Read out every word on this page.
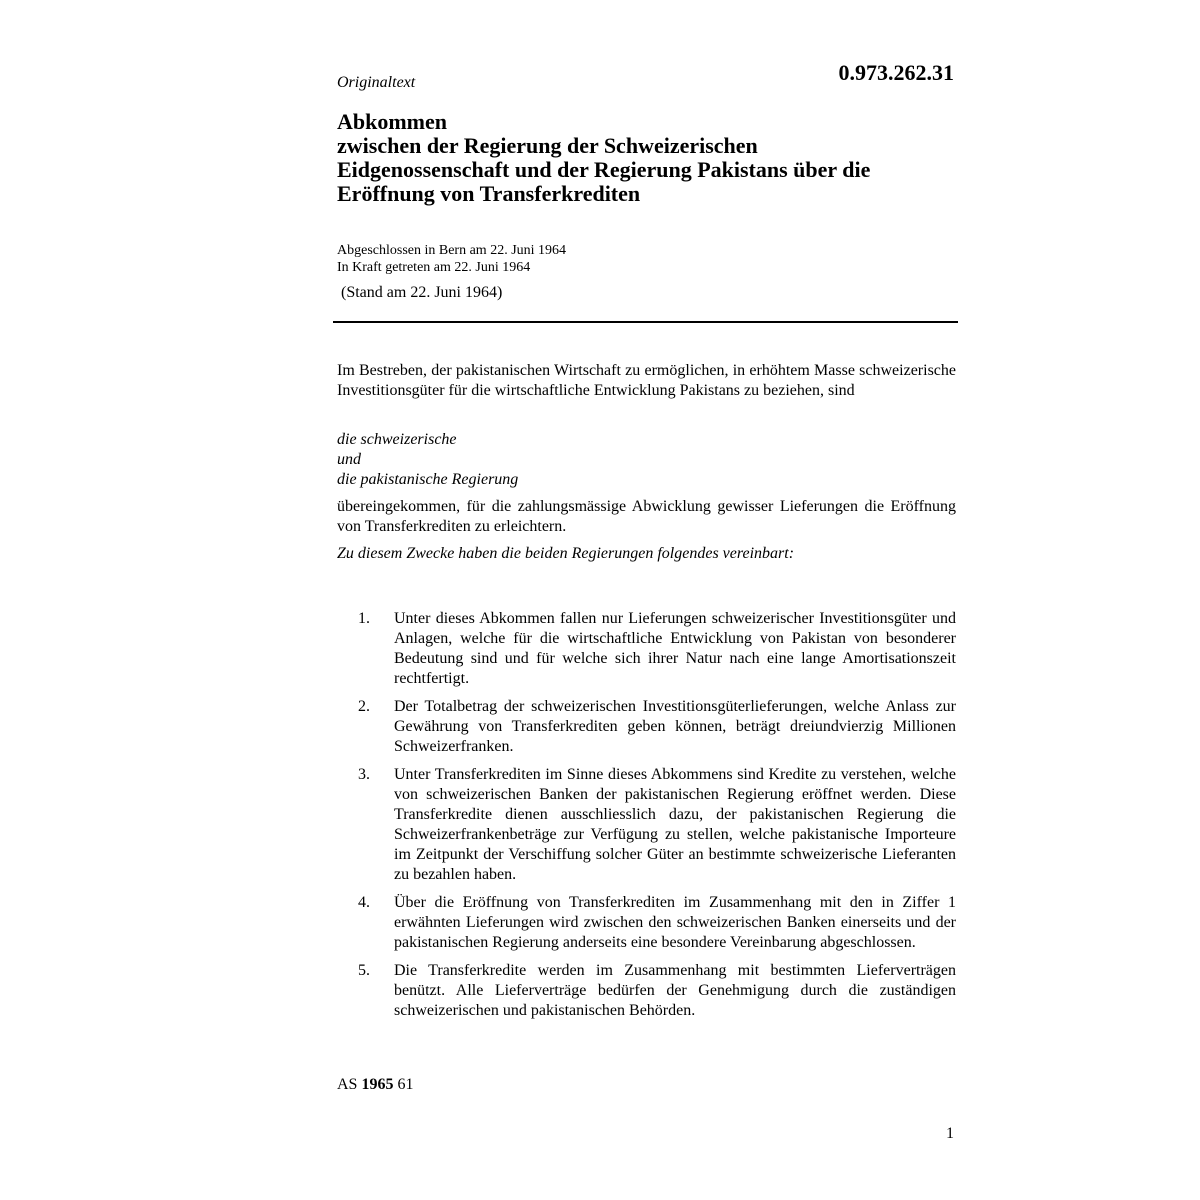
Originaltext	0.973.262.31
Abkommen
zwischen der Regierung der Schweizerischen
Eidgenossenschaft und der Regierung Pakistans über die
Eröffnung von Transferkrediten
Abgeschlossen in Bern am 22. Juni 1964
In Kraft getreten am 22. Juni 1964
(Stand am 22. Juni 1964)

Im Bestreben, der pakistanischen Wirtschaft zu ermöglichen, in erhöhtem Masse schweizerische Investitionsgüter für die wirtschaftliche Entwicklung Pakistans zu beziehen, sind

die schweizerische
und
die pakistanische Regierung

übereingekommen, für die zahlungsmässige Abwicklung gewisser Lieferungen die Eröffnung von Transferkrediten zu erleichtern.

Zu diesem Zwecke haben die beiden Regierungen folgendes vereinbart:

1. Unter dieses Abkommen fallen nur Lieferungen schweizerischer Investitionsgüter und Anlagen, welche für die wirtschaftliche Entwicklung von Pakistan von besonderer Bedeutung sind und für welche sich ihrer Natur nach eine lange Amortisationszeit rechtfertigt.
2. Der Totalbetrag der schweizerischen Investitionsgüterlieferungen, welche Anlass zur Gewährung von Transferkrediten geben können, beträgt dreiundvierzig Millionen Schweizerfranken.
3. Unter Transferkrediten im Sinne dieses Abkommens sind Kredite zu verstehen, welche von schweizerischen Banken der pakistanischen Regierung eröffnet werden. Diese Transferkredite dienen ausschliesslich dazu, der pakistanischen Regierung die Schweizerfrankenbeträge zur Verfügung zu stellen, welche pakistanische Importeure im Zeitpunkt der Verschiffung solcher Güter an bestimmte schweizerische Lieferanten zu bezahlen haben.
4. Über die Eröffnung von Transferkrediten im Zusammenhang mit den in Ziffer 1 erwähnten Lieferungen wird zwischen den schweizerischen Banken einerseits und der pakistanischen Regierung anderseits eine besondere Vereinbarung abgeschlossen.
5. Die Transferkredite werden im Zusammenhang mit bestimmten Lieferverträgen benützt. Alle Lieferverträge bedürfen der Genehmigung durch die zuständigen schweizerischen und pakistanischen Behörden.
AS 1965 61
1
